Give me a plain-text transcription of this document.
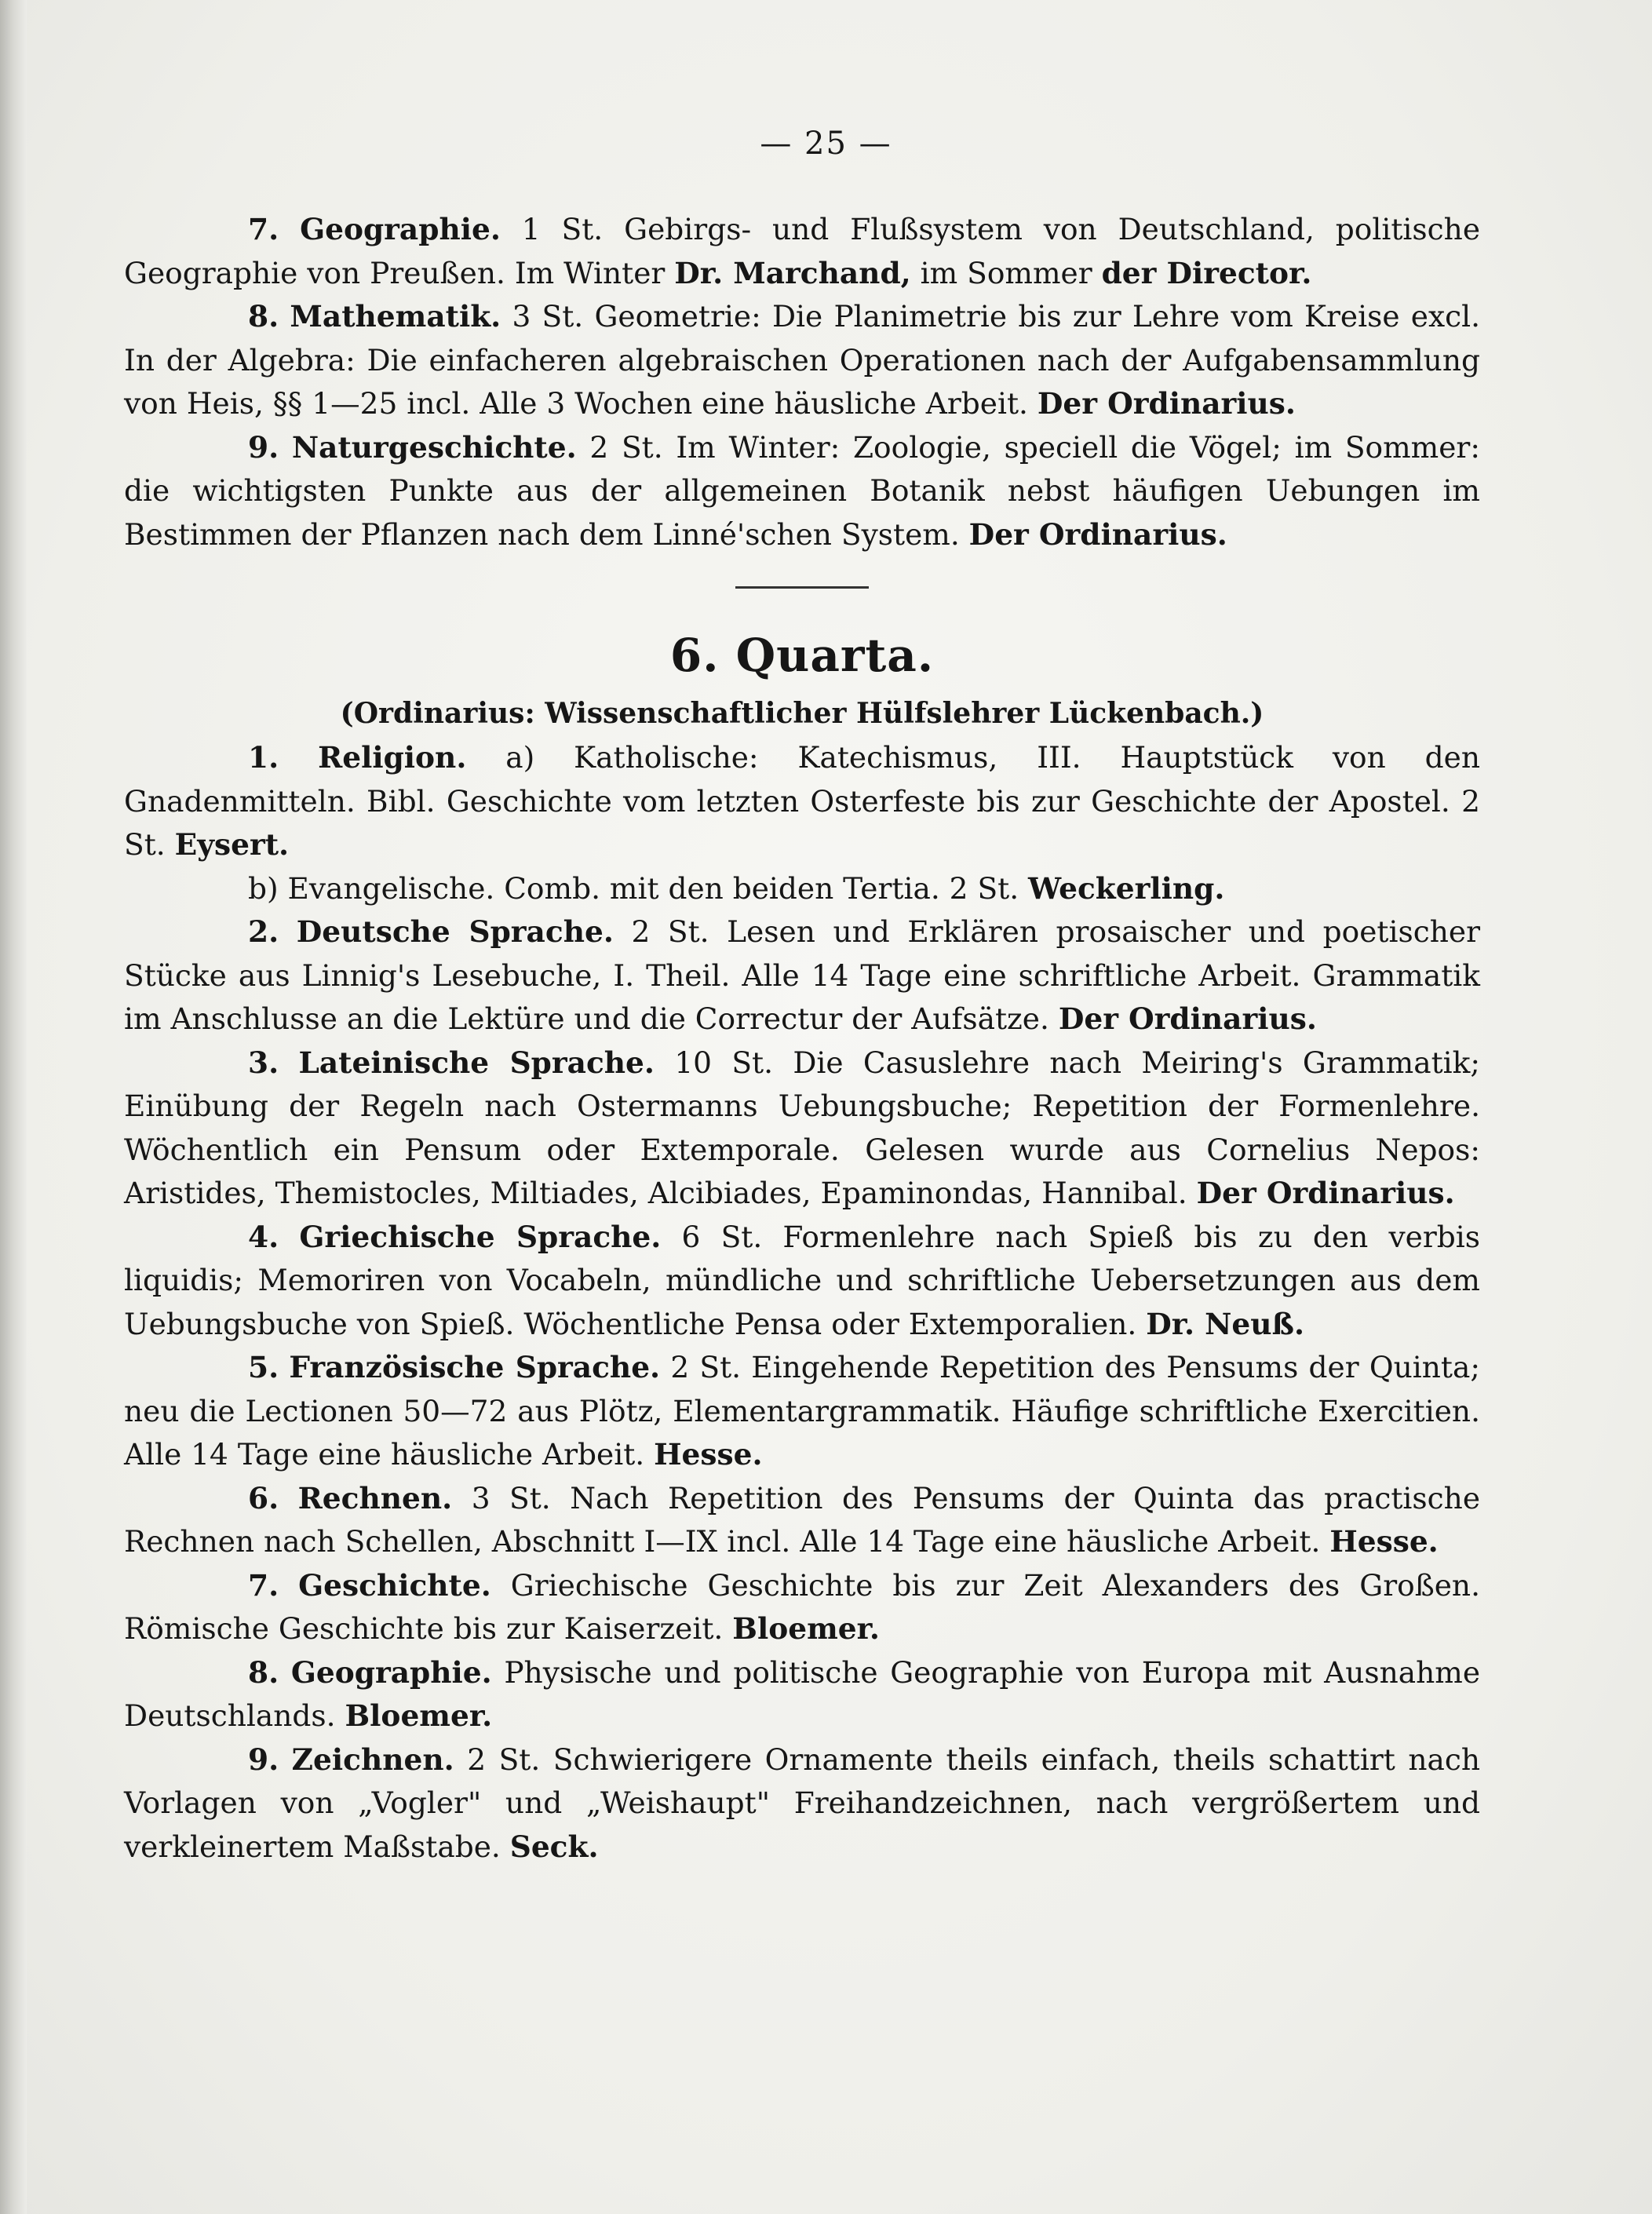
— 25 —

7. Geographie. 1 St. Gebirgs- und Flußsystem von Deutschland, politische Geographie von Preußen. Im Winter Dr. Marchand, im Sommer der Director.

8. Mathematik. 3 St. Geometrie: Die Planimetrie bis zur Lehre vom Kreise excl. In der Algebra: Die einfacheren algebraischen Operationen nach der Aufgabensammlung von Heis, §§ 1—25 incl. Alle 3 Wochen eine häusliche Arbeit. Der Ordinarius.

9. Naturgeschichte. 2 St. Im Winter: Zoologie, speciell die Vögel; im Sommer: die wichtigsten Punkte aus der allgemeinen Botanik nebst häufigen Uebungen im Bestimmen der Pflanzen nach dem Linné'schen System. Der Ordinarius.

6. Quarta.
(Ordinarius: Wissenschaftlicher Hülfslehrer Lückenbach.)

1. Religion. a) Katholische: Katechismus, III. Hauptstück von den Gnadenmitteln. Bibl. Geschichte vom letzten Osterfeste bis zur Geschichte der Apostel. 2 St. Eysert.

b) Evangelische. Comb. mit den beiden Tertia. 2 St. Weckerling.

2. Deutsche Sprache. 2 St. Lesen und Erklären prosaischer und poetischer Stücke aus Linnig's Lesebuche, I. Theil. Alle 14 Tage eine schriftliche Arbeit. Grammatik im Anschlusse an die Lektüre und die Correctur der Aufsätze. Der Ordinarius.

3. Lateinische Sprache. 10 St. Die Casuslehre nach Meiring's Grammatik; Einübung der Regeln nach Ostermanns Uebungsbuche; Repetition der Formenlehre. Wöchentlich ein Pensum oder Extemporale. Gelesen wurde aus Cornelius Nepos: Aristides, Themistocles, Miltiades, Alcibiades, Epaminondas, Hannibal. Der Ordinarius.

4. Griechische Sprache. 6 St. Formenlehre nach Spieß bis zu den verbis liquidis; Memoriren von Vocabeln, mündliche und schriftliche Uebersetzungen aus dem Uebungsbuche von Spieß. Wöchentliche Pensa oder Extemporalien. Dr. Neuß.

5. Französische Sprache. 2 St. Eingehende Repetition des Pensums der Quinta; neu die Lectionen 50—72 aus Plötz, Elementargrammatik. Häufige schriftliche Exercitien. Alle 14 Tage eine häusliche Arbeit. Hesse.

6. Rechnen. 3 St. Nach Repetition des Pensums der Quinta das practische Rechnen nach Schellen, Abschnitt I—IX incl. Alle 14 Tage eine häusliche Arbeit. Hesse.

7. Geschichte. Griechische Geschichte bis zur Zeit Alexanders des Großen. Römische Geschichte bis zur Kaiserzeit. Bloemer.

8. Geographie. Physische und politische Geographie von Europa mit Ausnahme Deutschlands. Bloemer.

9. Zeichnen. 2 St. Schwierigere Ornamente theils einfach, theils schattirt nach Vorlagen von „Vogler" und „Weishaupt" Freihandzeichnen, nach vergrößertem und verkleinertem Maßstabe. Seck.
